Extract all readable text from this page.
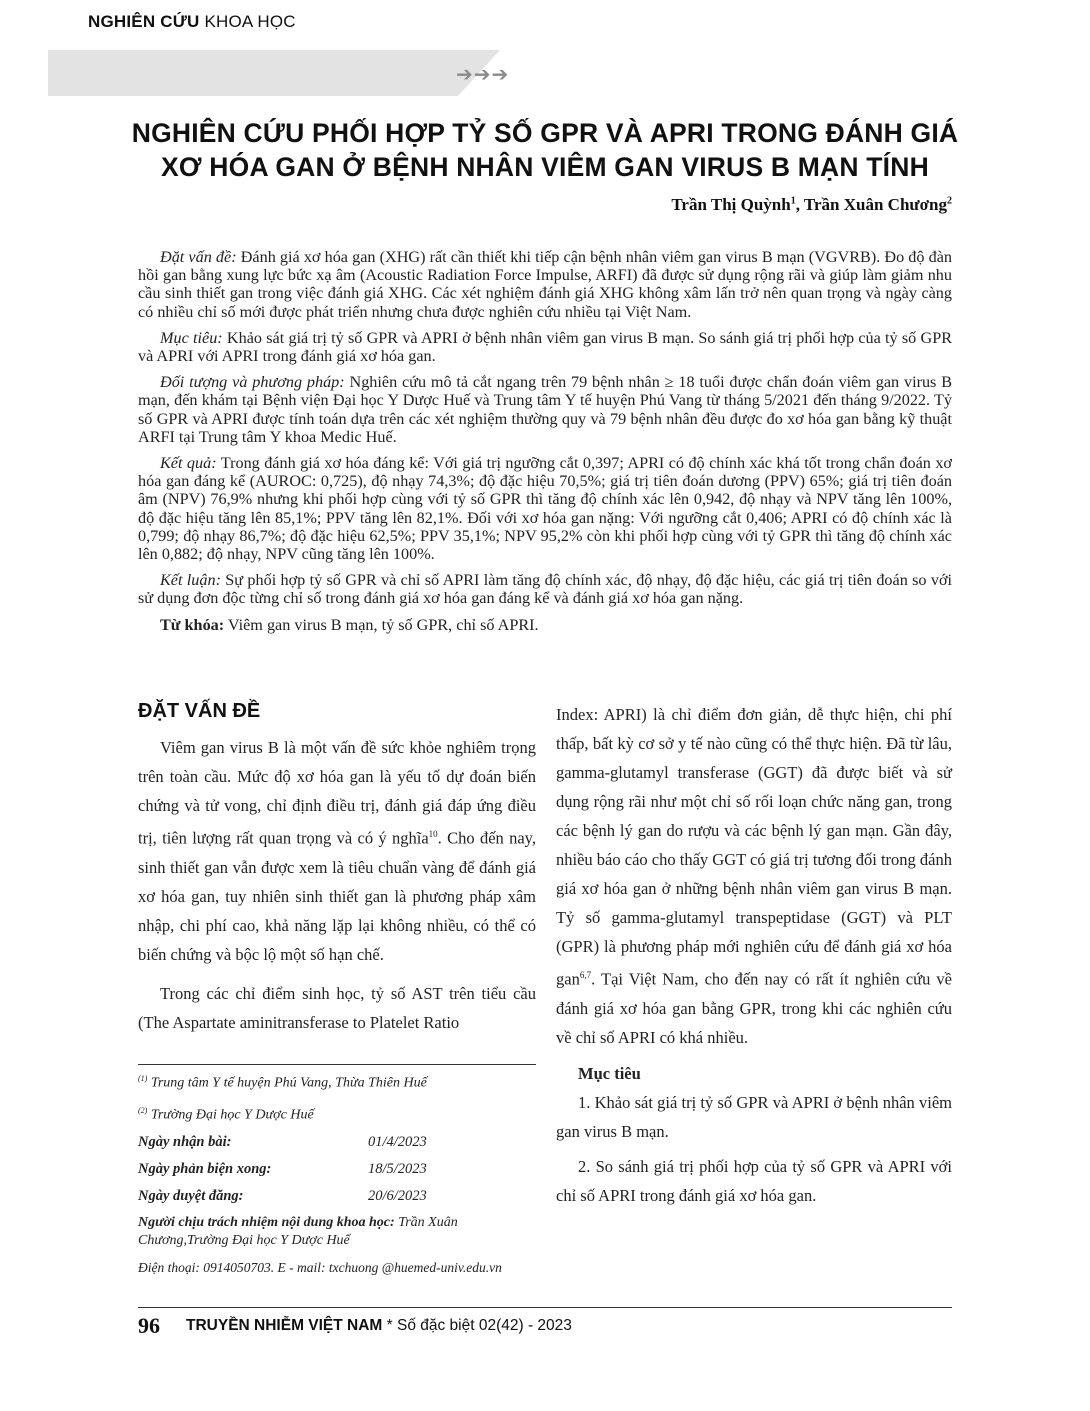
NGHIÊN CỨU KHOA HỌC
➔➔➔
NGHIÊN CỨU PHỐI HỢP TỶ SỐ GPR VÀ APRI TRONG ĐÁNH GIÁ
XƠ HÓA GAN Ở BỆNH NHÂN VIÊM GAN VIRUS B MẠN TÍNH
Trần Thị Quỳnh$^1$, Trần Xuân Chương$^2$

Đặt vấn đề: Đánh giá xơ hóa gan (XHG) rất cần thiết khi tiếp cận bệnh nhân viêm gan virus B mạn (VGVRB). Đo độ đàn hồi gan bằng xung lực bức xạ âm (Acoustic Radiation Force Impulse, ARFI) đã được sử dụng rộng rãi và giúp làm giảm nhu cầu sinh thiết gan trong việc đánh giá XHG. Các xét nghiệm đánh giá XHG không xâm lấn trở nên quan trọng và ngày càng có nhiều chỉ số mới được phát triển nhưng chưa được nghiên cứu nhiều tại Việt Nam.

Mục tiêu: Khảo sát giá trị tỷ số GPR và APRI ở bệnh nhân viêm gan virus B mạn. So sánh giá trị phối hợp của tỷ số GPR và APRI với APRI trong đánh giá xơ hóa gan.

Đối tượng và phương pháp: Nghiên cứu mô tả cắt ngang trên 79 bệnh nhân ≥ 18 tuổi được chẩn đoán viêm gan virus B mạn, đến khám tại Bệnh viện Đại học Y Dược Huế và Trung tâm Y tế huyện Phú Vang từ tháng 5/2021 đến tháng 9/2022. Tỷ số GPR và APRI được tính toán dựa trên các xét nghiệm thường quy và 79 bệnh nhân đều được đo xơ hóa gan bằng kỹ thuật ARFI tại Trung tâm Y khoa Medic Huế.

Kết quả: Trong đánh giá xơ hóa đáng kể: Với giá trị ngưỡng cắt 0,397; APRI có độ chính xác khá tốt trong chẩn đoán xơ hóa gan đáng kể (AUROC: 0,725), độ nhạy 74,3%; độ đặc hiệu 70,5%; giá trị tiên đoán dương (PPV) 65%; giá trị tiên đoán âm (NPV) 76,9% nhưng khi phối hợp cùng với tỷ số GPR thì tăng độ chính xác lên 0,942, độ nhạy và NPV tăng lên 100%, độ đặc hiệu tăng lên 85,1%; PPV tăng lên 82,1%. Đối với xơ hóa gan nặng: Với ngưỡng cắt 0,406; APRI có độ chính xác là 0,799; độ nhạy 86,7%; độ đặc hiệu 62,5%; PPV 35,1%; NPV 95,2% còn khi phối hợp cùng với tỷ GPR thì tăng độ chính xác lên 0,882; độ nhạy, NPV cũng tăng lên 100%.

Kết luận: Sự phối hợp tỷ số GPR và chỉ số APRI làm tăng độ chính xác, độ nhạy, độ đặc hiệu, các giá trị tiên đoán so với sử dụng đơn độc từng chỉ số trong đánh giá xơ hóa gan đáng kể và đánh giá xơ hóa gan nặng.

Từ khóa: Viêm gan virus B mạn, tỷ số GPR, chỉ số APRI.

ĐẶT VẤN ĐỀ

Viêm gan virus B là một vấn đề sức khỏe nghiêm trọng trên toàn cầu. Mức độ xơ hóa gan là yếu tố dự đoán biến chứng và tử vong, chỉ định điều trị, đánh giá đáp ứng điều trị, tiên lượng rất quan trọng và có ý nghĩa$^{10}$. Cho đến nay, sinh thiết gan vẫn được xem là tiêu chuẩn vàng để đánh giá xơ hóa gan, tuy nhiên sinh thiết gan là phương pháp xâm nhập, chi phí cao, khả năng lặp lại không nhiều, có thể có biến chứng và bộc lộ một số hạn chế.

Trong các chỉ điểm sinh học, tỷ số AST trên tiểu cầu (The Aspartate aminitransferase to Platelet Ratio

Index: APRI) là chỉ điểm đơn giản, dễ thực hiện, chi phí thấp, bất kỳ cơ sở y tế nào cũng có thể thực hiện. Đã từ lâu, gamma-glutamyl transferase (GGT) đã được biết và sử dụng rộng rãi như một chỉ số rối loạn chức năng gan, trong các bệnh lý gan do rượu và các bệnh lý gan mạn. Gần đây, nhiều báo cáo cho thấy GGT có giá trị tương đối trong đánh giá xơ hóa gan ở những bệnh nhân viêm gan virus B mạn. Tỷ số gamma-glutamyl transpeptidase (GGT) và PLT (GPR) là phương pháp mới nghiên cứu để đánh giá xơ hóa gan$^{6,7}$. Tại Việt Nam, cho đến nay có rất ít nghiên cứu về đánh giá xơ hóa gan bằng GPR, trong khi các nghiên cứu về chỉ số APRI có khá nhiều.

Mục tiêu

1. Khảo sát giá trị tỷ số GPR và APRI ở bệnh nhân viêm gan virus B mạn.

2. So sánh giá trị phối hợp của tỷ số GPR và APRI với chỉ số APRI trong đánh giá xơ hóa gan.

$^{(1)}$ Trung tâm Y tế huyện Phú Vang, Thừa Thiên Huế
$^{(2)}$ Trường Đại học Y Dược Huế
Ngày nhận bài:	01/4/2023
Ngày phản biện xong:	18/5/2023
Ngày duyệt đăng:	20/6/2023
Người chịu trách nhiệm nội dung khoa học: Trần Xuân Chương,Trường Đại học Y Dược Huế
Điện thoại: 0914050703. E - mail: txchuong @huemed-univ.edu.vn
96 TRUYỀN NHIỄM VIỆT NAM * Số đặc biệt 02(42) - 2023
